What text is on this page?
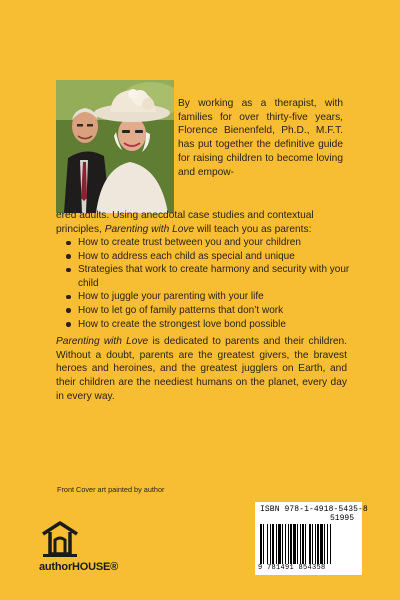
By working as a therapist, with families for over thirty-five years, Florence Bienenfeld, Ph.D., M.F.T. has put together the definitive guide for raising children to become loving and empow-

ered adults. Using anecdotal case studies and contextual principles, Parenting with Love will teach you as parents:

How to create trust between you and your children
How to address each child as special and unique
Strategies that work to create harmony and security with your child
How to juggle your parenting with your life
How to let go of family patterns that don’t work
How to create the strongest love bond possible

Parenting with Love is dedicated to parents and their children. Without a doubt, parents are the greatest givers, the bravest heroes and heroines, and the greatest jugglers on Earth, and their children are the neediest humans on the planet, every day in every way.

Front Cover art painted by author

authorHOUSE®

ISBN 978-1-4918-5435-8

51995

9 781491 854358
